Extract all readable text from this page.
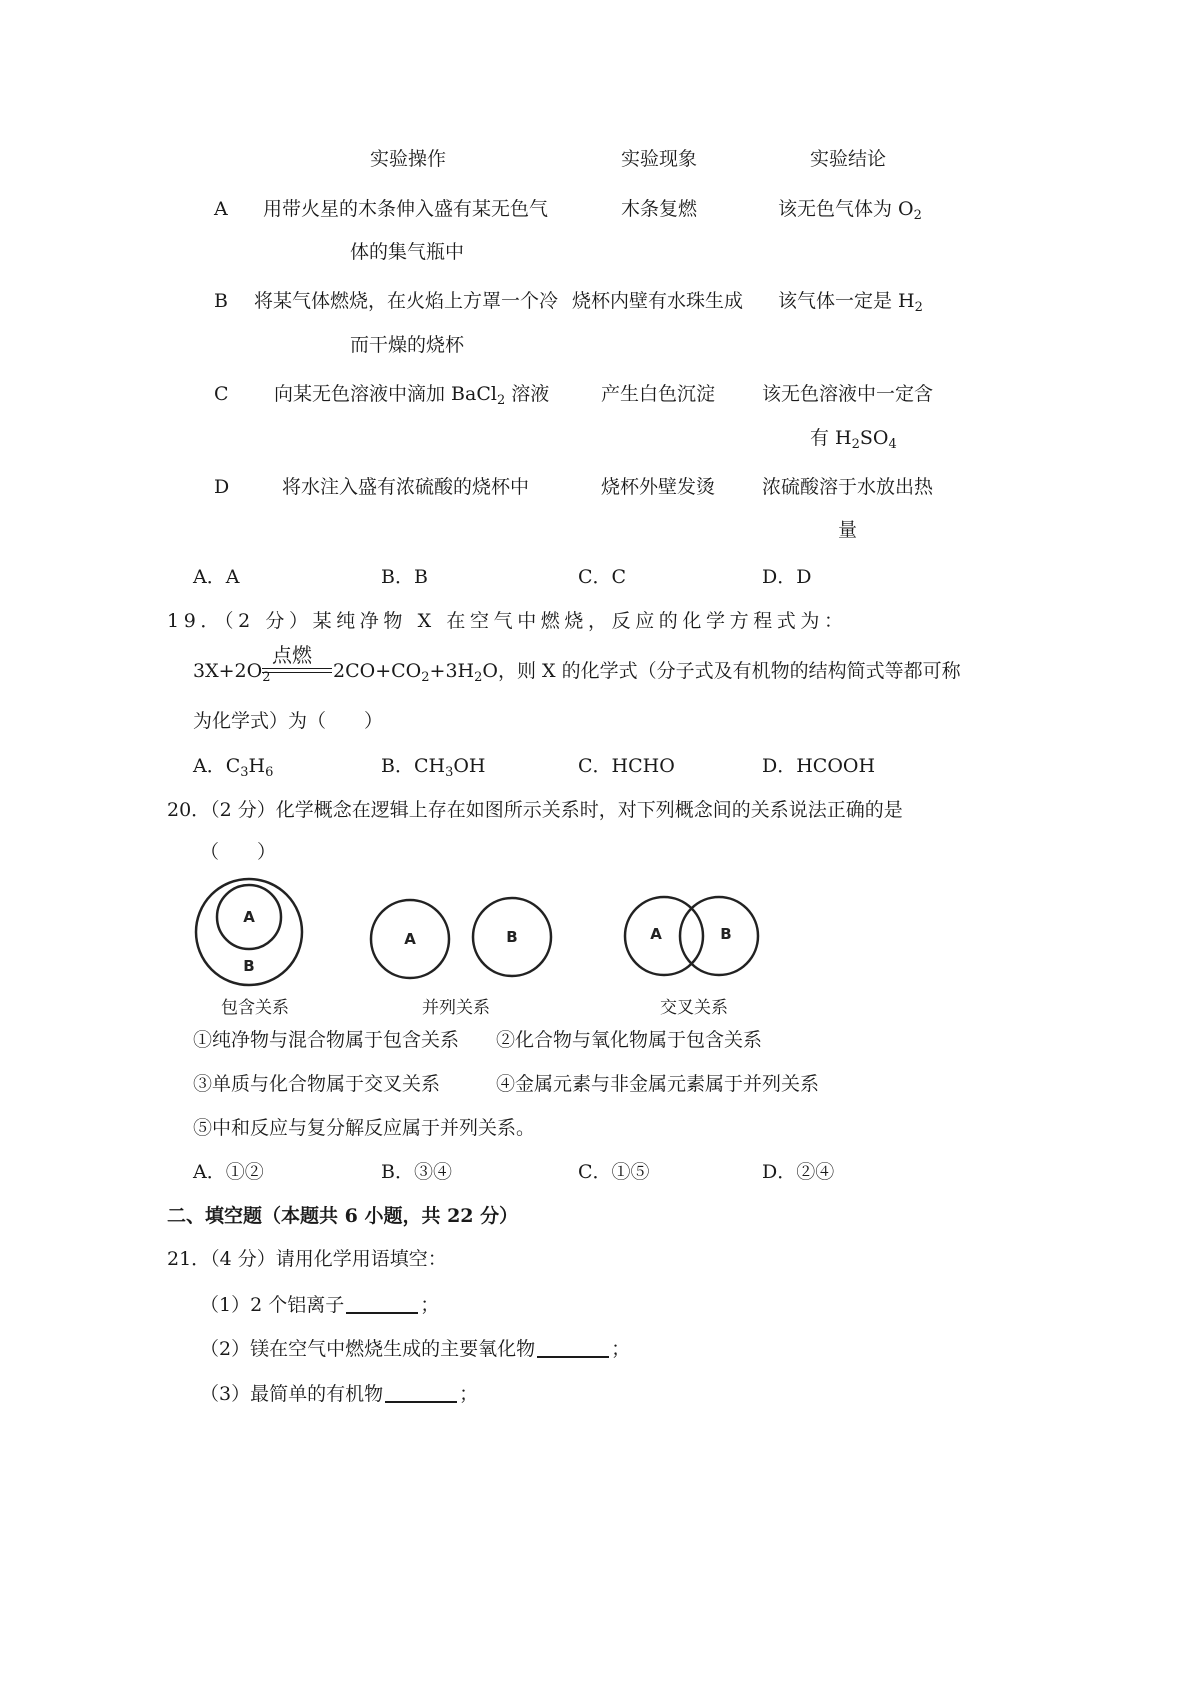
实验操作	实验现象	实验结论
A 用带火星的木条伸入盛有某无色气
体的集气瓶中
木条复燃	该无色气体为 $O_2$
B 将某气体燃烧，在火焰上方罩一个冷
而干燥的烧杯
烧杯内壁有水珠生成 该气体一定是 $H_2$
C 向某无色溶液中滴加 BaCl$_2$ 溶液	产生白色沉淀 该无色溶液中一定含
有 $H_2SO_4$
D	将水注入盛有浓硫酸的烧杯中	烧杯外壁发烫 浓硫酸溶于水放出热
量
A．A	B．B	C．C	D．D
19．（2 分）某纯净物 X 在空气中燃烧，反应的化学方程式为：
点燃
$3X+2O_2$	$2CO+CO_2+3H_2O$，则 X 的化学式（分子式及有机物的结构简式等都可称
为化学式）为（　　）
A．$C_3H_6$	B．$CH_3OH$	C．HCHO	D．HCOOH
20．（2 分）化学概念在逻辑上存在如图所示关系时，对下列概念间的关系说法正确的是
（　　）
A
B
A	B	A	B
包含关系	并列关系	交叉关系
①纯净物与混合物属于包含关系 ②化合物与氧化物属于包含关系
③单质与化合物属于交叉关系	④金属元素与非金属元素属于并列关系
⑤中和反应与复分解反应属于并列关系。
A．①②	B．③④	C．①⑤	D．②④
二、填空题（本题共 6 小题，共 22 分）
21．（4 分）请用化学用语填空：
（1）2 个铝离子	；
（2）镁在空气中燃烧生成的主要氧化物	；
（3）最简单的有机物	；
